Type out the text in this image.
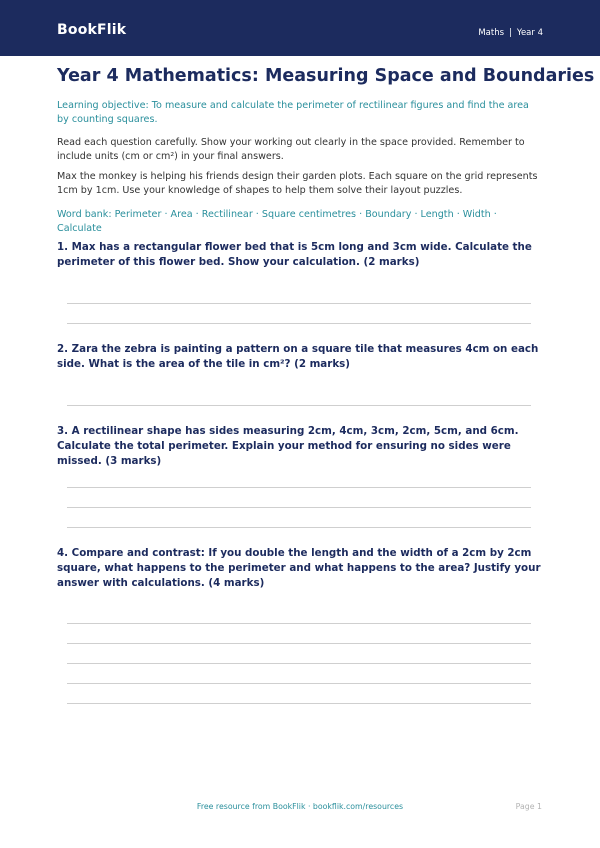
BookFlik	Maths | Year 4
Year 4 Mathematics: Measuring Space and Boundaries

Learning objective: To measure and calculate the perimeter of rectilinear figures and find the area by counting squares.

Read each question carefully. Show your working out clearly in the space provided. Remember to include units (cm or cm²) in your final answers.

Max the monkey is helping his friends design their garden plots. Each square on the grid represents 1cm by 1cm. Use your knowledge of shapes to help them solve their layout puzzles.

Word bank: Perimeter · Area · Rectilinear · Square centimetres · Boundary · Length · Width · Calculate

1. Max has a rectangular flower bed that is 5cm long and 3cm wide. Calculate the perimeter of this flower bed. Show your calculation. (2 marks)

2. Zara the zebra is painting a pattern on a square tile that measures 4cm on each side. What is the area of the tile in cm²? (2 marks)

3. A rectilinear shape has sides measuring 2cm, 4cm, 3cm, 2cm, 5cm, and 6cm. Calculate the total perimeter. Explain your method for ensuring no sides were missed. (3 marks)

4. Compare and contrast: If you double the length and the width of a 2cm by 2cm square, what happens to the perimeter and what happens to the area? Justify your answer with calculations. (4 marks)

Free resource from BookFlik · bookflik.com/resources	Page 1
